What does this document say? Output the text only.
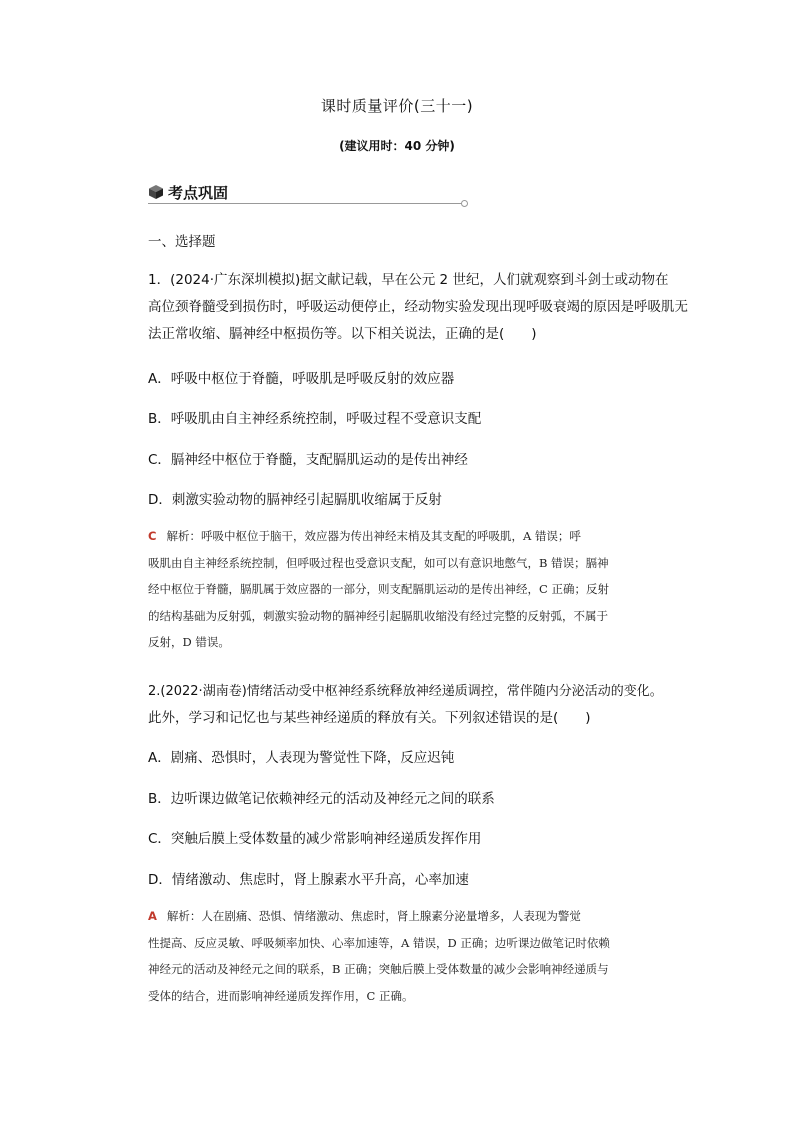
课时质量评价(三十一)
(建议用时：40 分钟)
考点巩固
一、选择题
1．(2024·广东深圳模拟)据文献记载，早在公元 2 世纪，人们就观察到斗剑士或动物在
高位颈脊髓受到损伤时，呼吸运动便停止，经动物实验发现出现呼吸衰竭的原因是呼吸肌无
法正常收缩、膈神经中枢损伤等。以下相关说法，正确的是(　　)
A．呼吸中枢位于脊髓，呼吸肌是呼吸反射的效应器
B．呼吸肌由自主神经系统控制，呼吸过程不受意识支配
C．膈神经中枢位于脊髓，支配膈肌运动的是传出神经
D．刺激实验动物的膈神经引起膈肌收缩属于反射
C 解析：呼吸中枢位于脑干，效应器为传出神经末梢及其支配的呼吸肌，A 错误；呼
吸肌由自主神经系统控制，但呼吸过程也受意识支配，如可以有意识地憋气，B 错误；膈神
经中枢位于脊髓，膈肌属于效应器的一部分，则支配膈肌运动的是传出神经，C 正确；反射
的结构基础为反射弧，刺激实验动物的膈神经引起膈肌收缩没有经过完整的反射弧，不属于
反射，D 错误。
2.(2022·湖南卷)情绪活动受中枢神经系统释放神经递质调控，常伴随内分泌活动的变化。
此外，学习和记忆也与某些神经递质的释放有关。下列叙述错误的是(　　)
A．剧痛、恐惧时，人表现为警觉性下降，反应迟钝
B．边听课边做笔记依赖神经元的活动及神经元之间的联系
C．突触后膜上受体数量的减少常影响神经递质发挥作用
D．情绪激动、焦虑时，肾上腺素水平升高，心率加速
A 解析：人在剧痛、恐惧、情绪激动、焦虑时，肾上腺素分泌量增多，人表现为警觉
性提高、反应灵敏、呼吸频率加快、心率加速等，A 错误，D 正确；边听课边做笔记时依赖
神经元的活动及神经元之间的联系，B 正确；突触后膜上受体数量的减少会影响神经递质与
受体的结合，进而影响神经递质发挥作用，C 正确。
